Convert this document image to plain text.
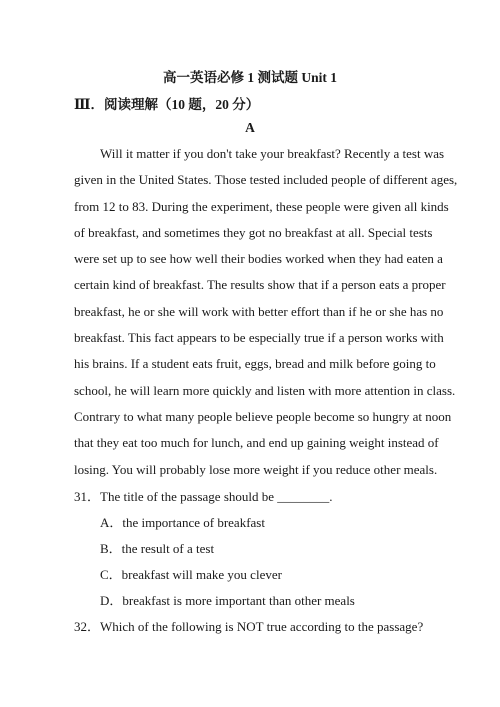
高一英语必修 1 测试题 Unit 1
Ⅲ．阅读理解（10 题，20 分）
A
Will it matter if you don't take your breakfast? Recently a test was
given in the United States. Those tested included people of different ages,
from 12 to 83. During the experiment, these people were given all kinds
of breakfast, and sometimes they got no breakfast at all. Special tests
were set up to see how well their bodies worked when they had eaten a
certain kind of breakfast. The results show that if a person eats a proper
breakfast, he or she will work with better effort than if he or she has no
breakfast. This fact appears to be especially true if a person works with
his brains. If a student eats fruit, eggs, bread and milk before going to
school, he will learn more quickly and listen with more attention in class.
Contrary to what many people believe people become so hungry at noon
that they eat too much for lunch, and end up gaining weight instead of
losing. You will probably lose more weight if you reduce other meals.
31．The title of the passage should be ________.
A．the importance of breakfast
B．the result of a test
C．breakfast will make you clever
D．breakfast is more important than other meals
32．Which of the following is NOT true according to the passage?
